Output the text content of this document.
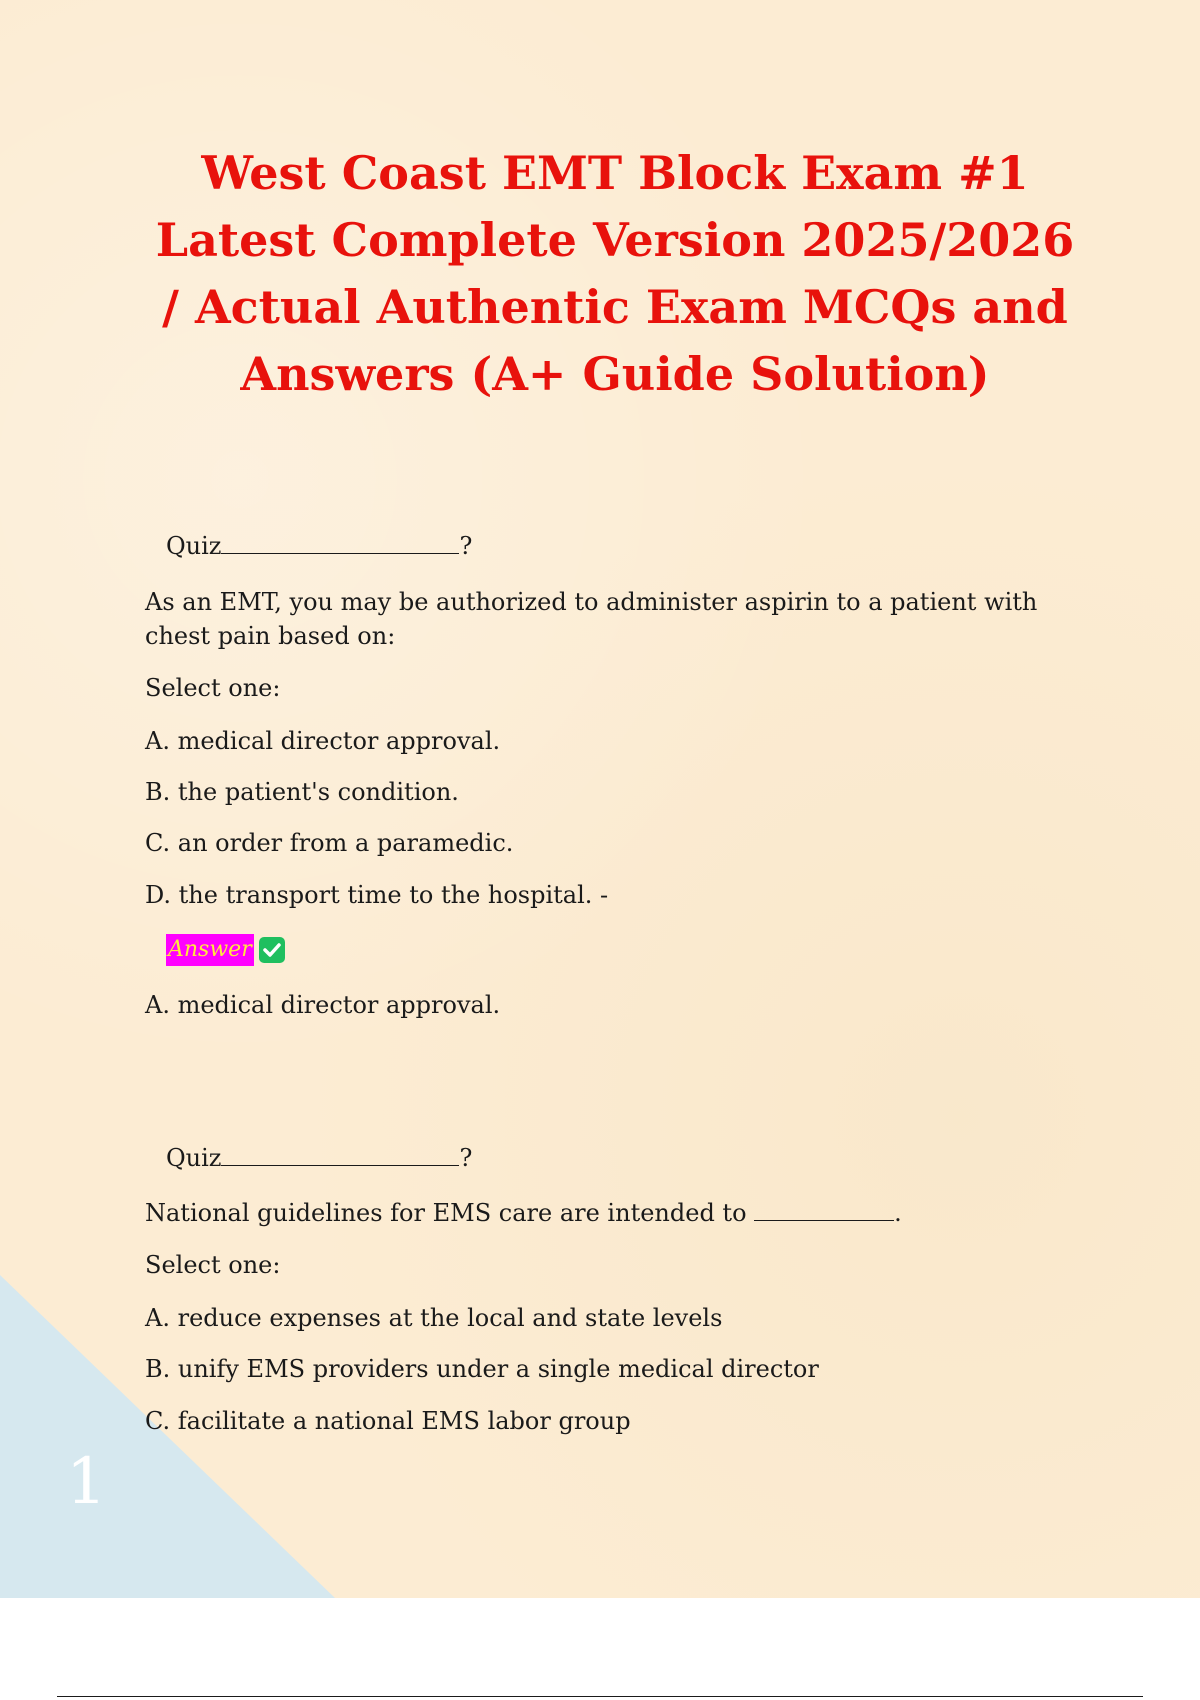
1
West Coast EMT Block Exam #1
Latest Complete Version 2025/2026
/ Actual Authentic Exam MCQs and
Answers (A+ Guide Solution)
Quiz	?
As an EMT, you may be authorized to administer aspirin to a patient with chest pain based on:
Select one:
A. medical director approval.
B. the patient's condition.
C. an order from a paramedic.
D. the transport time to the hospital. -
Answer
A. medical director approval.
Quiz	?
National guidelines for EMS care are intended to	.
Select one:
A. reduce expenses at the local and state levels
B. unify EMS providers under a single medical director
C. facilitate a national EMS labor group
